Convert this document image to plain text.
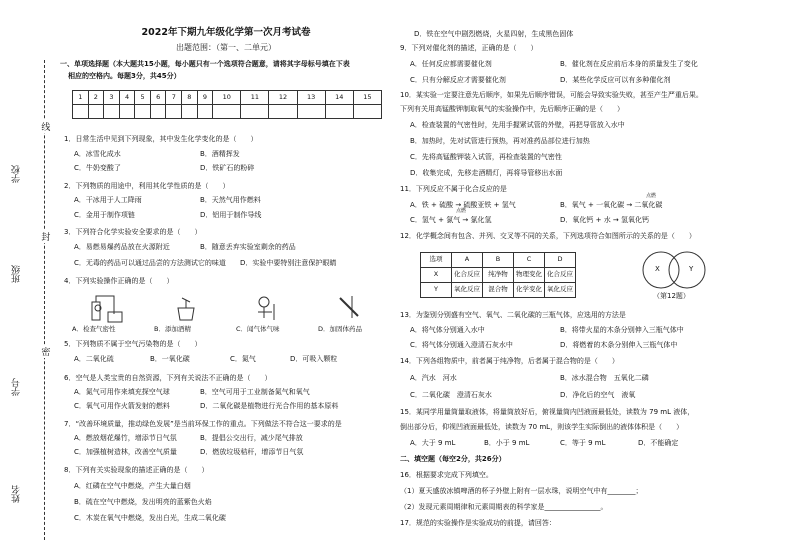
学校
班级
学号
姓名
线
封
密
2022年下期九年级化学第一次月考试卷
出题范围：（第一、二单元）
一、单项选择题（本大题共15小题，每小题只有一个选项符合题意，请将其字母标号填在下表
相应的空格内。每题3分，共45分）
1	2	3	4	5	6	7	8	9	10	11	12	13	14	15

1．日常生活中见到下列现象，其中发生化学变化的是（　　）
A．冰雪化成水	B．酒精挥发
C．牛奶变酸了	D．铁矿石的粉碎
2．下列物质的用途中，利用其化学性质的是（　　）
A．干冰用于人工降雨	B．天然气用作燃料
C．金用于制作项链	D．铝用于制作导线
3．下列符合化学实验安全要求的是（　　）
A．易燃易爆药品放在火源附近	B．随意丢弃实验室剩余的药品
C．无毒的药品可以通过品尝的方法测试它的味道 D．实验中要特别注意保护眼睛
4．下列实验操作正确的是（　　）
A．检查气密性	B．添加酒精	C．闻气体气味	D．加固体药品
5．下列物质不属于空气污染物的是（　　）
A．二氧化硫	B．一氧化碳	C．氮气	D．可吸入颗粒
6．空气是人类宝贵的自然资源，下列有关说法不正确的是（　　）
A．氮气可用作来填充探空气球	B．空气可用于工业制备氮气和氧气
C．氧气可用作火箭发射的燃料	D．二氧化碳是植物进行光合作用的基本原料
7．“改善环境质量，推动绿色发展”是当前环保工作的重点。下列做法不符合这一要求的是
A．燃放烟花爆竹，增添节日气氛	B．提倡公交出行，减少尾气排放
C．加强植树造林，改善空气质量	D．燃放垃圾秸秆，增添节日气氛
8．下列有关实验现象的描述正确的是（　　）
A．红磷在空气中燃烧，产生大量白烟
B．硫在空气中燃烧，发出明亮的蓝紫色火焰
C．木炭在氧气中燃烧，发出白光，生成二氧化碳
D．铁在空气中剧烈燃烧，火星四射，生成黑色固体
9．下列对催化剂的描述，正确的是（　　）
A．任何反应都需要催化剂	B．催化剂在反应前后本身的质量发生了变化
C．只有分解反应才需要催化剂	D．某些化学反应可以有多种催化剂
10．某实验一定要注意先后顺序，如果先后顺序错误，可能会导致实验失败，甚至产生严重后果。
下列有关用高锰酸钾制取氧气的实验操作中，先后顺序正确的是（　　）
A．检查装置的气密性时，先用手握紧试管的外壁，再把导管放入水中
B．加热时，先对试管进行预热，再对准药品部位进行加热
C．先将高锰酸钾装入试管，再检查装置的气密性
D．收集完成，先移走酒精灯，再将导管移出水面
11．下列反应不属于化合反应的是
A．铁 + 硫酸 → 硫酸亚铁 + 氢气	B．氧气 + 一氧化碳 → 二氧化碳
点燃
C．氢气 + 氯气 → 氯化氢
点燃
D．氧化钙 + 水 → 氢氧化钙
12．化学概念间有包含、并列、交叉等不同的关系，下列选项符合如图所示的关系的是（　　）
选项	A	B	C	D
X	化合反应	纯净物	物理变化	化合反应
Y	氧化反应	混合物	化学变化	氧化反应
X	Y
（第12题）
13．为鉴别分别盛有空气、氧气、二氧化碳的三瓶气体，应选用的方法是
A．将气体分别通入水中	B．将带火星的木条分别伸入三瓶气体中
C．将气体分别通入澄清石灰水中	D．将燃着的木条分别伸入三瓶气体中
14．下列各组物质中，前者属于纯净物，后者属于混合物的是（　　）
A．汽水　河水	B．冰水混合物　五氧化二磷
C．二氧化碳　澄清石灰水	D．净化后的空气　液氧
15．某同学用量筒量取液体，将量筒放好后，俯视量筒内凹液面最低处，读数为 79 mL 液体，
倒出部分后，仰视凹液面最低处，读数为 70 mL，则该学生实际倒出的液体体积是（　　）
A．大于 9 mL	B．小于 9 mL	C．等于 9 mL	D．不能确定
二、填空题（每空2分，共26分）
16．根据要求完成下列填空。
（1）夏天盛放冰镇啤酒的杯子外壁上附有一层水珠，说明空气中有________；
（2）发现元素周期律和元素周期表的科学家是________________。
17．规范的实验操作是实验成功的前提，请回答：
